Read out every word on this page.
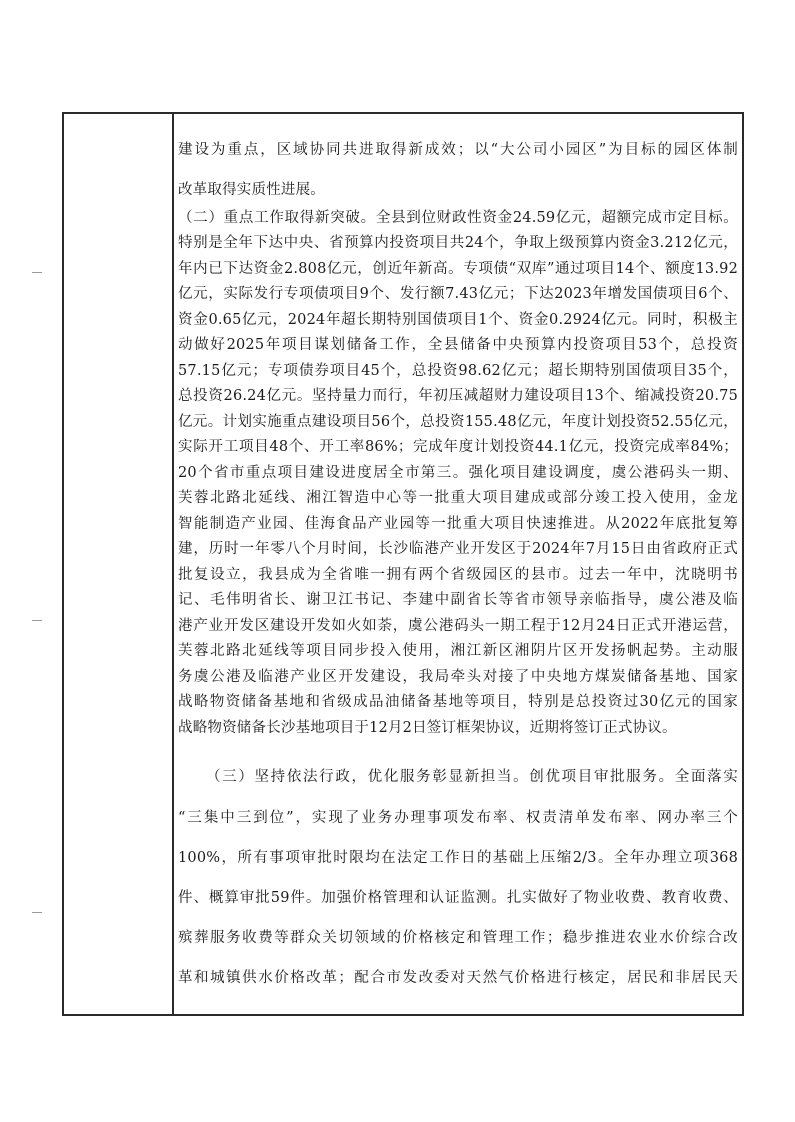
建设为重点，区域协同共进取得新成效；以“大公司小园区”为目标的园区体制
改革取得实质性进展。
（二）重点工作取得新突破。全县到位财政性资金24.59亿元，超额完成市定目标。
特别是全年下达中央、省预算内投资项目共24个，争取上级预算内资金3.212亿元，
年内已下达资金2.808亿元，创近年新高。专项债“双库”通过项目14个、额度13.92
亿元，实际发行专项债项目9个、发行额7.43亿元；下达2023年增发国债项目6个、
资金0.65亿元，2024年超长期特别国债项目1个、资金0.2924亿元。同时，积极主
动做好2025年项目谋划储备工作，全县储备中央预算内投资项目53个，总投资
57.15亿元；专项债券项目45个，总投资98.62亿元；超长期特别国债项目35个，
总投资26.24亿元。坚持量力而行，年初压减超财力建设项目13个、缩减投资20.75
亿元。计划实施重点建设项目56个，总投资155.48亿元，年度计划投资52.55亿元，
实际开工项目48个、开工率86%；完成年度计划投资44.1亿元，投资完成率84%；
20个省市重点项目建设进度居全市第三。强化项目建设调度，虞公港码头一期、
芙蓉北路北延线、湘江智造中心等一批重大项目建成或部分竣工投入使用，金龙
智能制造产业园、佳海食品产业园等一批重大项目快速推进。从2022年底批复筹
建，历时一年零八个月时间，长沙临港产业开发区于2024年7月15日由省政府正式
批复设立，我县成为全省唯一拥有两个省级园区的县市。过去一年中，沈晓明书
记、毛伟明省长、谢卫江书记、李建中副省长等省市领导亲临指导，虞公港及临
港产业开发区建设开发如火如荼，虞公港码头一期工程于12月24日正式开港运营，
芙蓉北路北延线等项目同步投入使用，湘江新区湘阴片区开发扬帆起势。主动服
务虞公港及临港产业区开发建设，我局牵头对接了中央地方煤炭储备基地、国家
战略物资储备基地和省级成品油储备基地等项目，特别是总投资过30亿元的国家
战略物资储备长沙基地项目于12月2日签订框架协议，近期将签订正式协议。
（三）坚持依法行政，优化服务彰显新担当。创优项目审批服务。全面落实
“三集中三到位”，实现了业务办理事项发布率、权责清单发布率、网办率三个
100%，所有事项审批时限均在法定工作日的基础上压缩2/3。全年办理立项368
件、概算审批59件。加强价格管理和认证监测。扎实做好了物业收费、教育收费、
殡葬服务收费等群众关切领域的价格核定和管理工作；稳步推进农业水价综合改
革和城镇供水价格改革；配合市发改委对天然气价格进行核定，居民和非居民天
